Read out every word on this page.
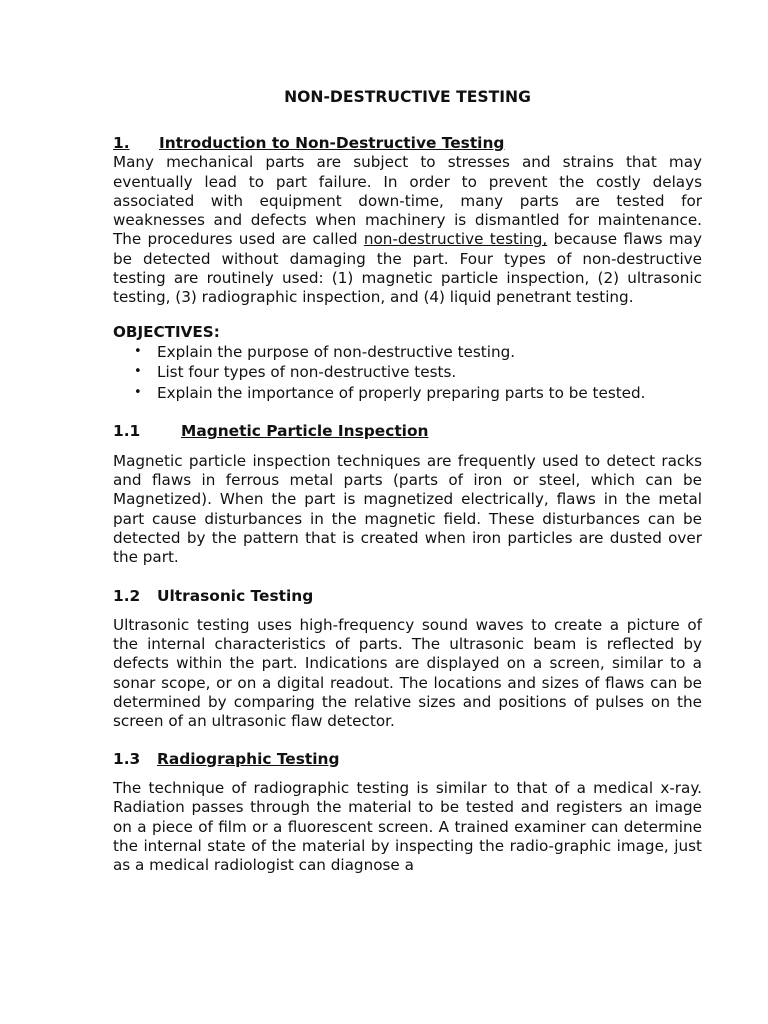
NON-DESTRUCTIVE TESTING
1. Introduction to Non-Destructive Testing

Many mechanical parts are subject to stresses and strains that may eventually lead to part failure. In order to prevent the costly delays associated with equipment down-time, many parts are tested for weaknesses and defects when machinery is dismantled for maintenance. The procedures used are called non-destructive testing, because flaws may be detected without damaging the part. Four types of non-destructive testing are routinely used: (1) magnetic particle inspection, (2) ultrasonic testing, (3) radiographic inspection, and (4) liquid penetrant testing.

OBJECTIVES:
• Explain the purpose of non-destructive testing.
• List four types of non-destructive tests.
• Explain the importance of properly preparing parts to be tested.
1.1	Magnetic Particle Inspection

Magnetic particle inspection techniques are frequently used to detect racks and flaws in ferrous metal parts (parts of iron or steel, which can be Magnetized). When the part is magnetized electrically, flaws in the metal part cause disturbances in the magnetic field. These disturbances can be detected by the pattern that is created when iron particles are dusted over the part.

1.2 Ultrasonic Testing

Ultrasonic testing uses high-frequency sound waves to create a picture of the internal characteristics of parts. The ultrasonic beam is reflected by defects within the part. Indications are displayed on a screen, similar to a sonar scope, or on a digital readout. The locations and sizes of flaws can be determined by comparing the relative sizes and positions of pulses on the screen of an ultrasonic flaw detector.

1.3 Radiographic Testing

The technique of radiographic testing is similar to that of a medical x-ray. Radiation passes through the material to be tested and registers an image on a piece of film or a fluorescent screen. A trained examiner can determine the internal state of the material by inspecting the radio-graphic image, just as a medical radiologist can diagnose a
